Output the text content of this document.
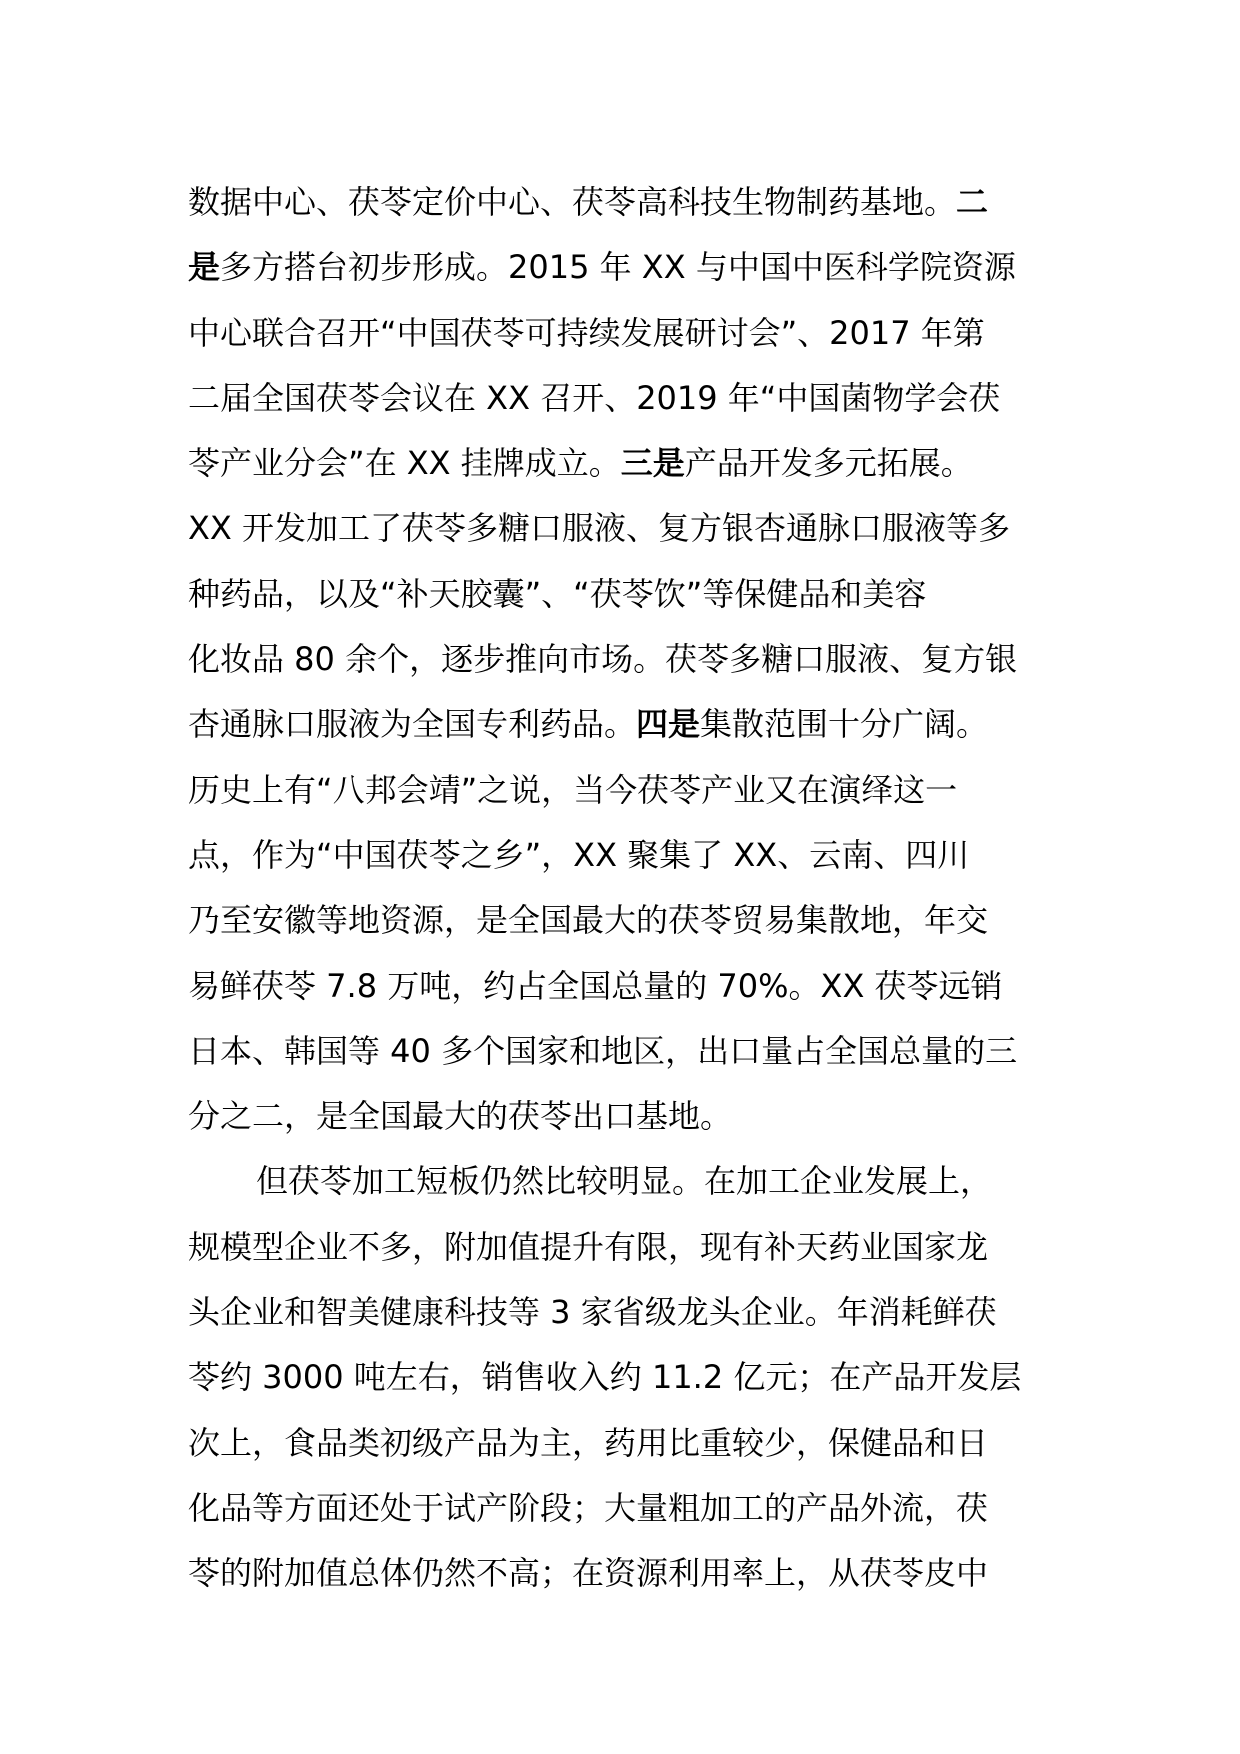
数据中心、茯苓定价中心、茯苓高科技生物制药基地。二
是多方搭台初步形成。2015 年 XX 与中国中医科学院资源
中心联合召开“中国茯苓可持续发展研讨会”、2017 年第
二届全国茯苓会议在 XX 召开、2019 年“中国菌物学会茯
苓产业分会”在 XX 挂牌成立。三是产品开发多元拓展。
XX 开发加工了茯苓多糖口服液、复方银杏通脉口服液等多
种药品，以及“补天胶囊”、“茯苓饮”等保健品和美容
化妆品 80 余个，逐步推向市场。茯苓多糖口服液、复方银
杏通脉口服液为全国专利药品。四是集散范围十分广阔。
历史上有“八邦会靖”之说，当今茯苓产业又在演绎这一
点，作为“中国茯苓之乡”，XX 聚集了 XX、云南、四川
乃至安徽等地资源，是全国最大的茯苓贸易集散地，年交
易鲜茯苓 7.8 万吨，约占全国总量的 70%。XX 茯苓远销
日本、韩国等 40 多个国家和地区，出口量占全国总量的三
分之二，是全国最大的茯苓出口基地。
但茯苓加工短板仍然比较明显。在加工企业发展上，
规模型企业不多，附加值提升有限，现有补天药业国家龙
头企业和智美健康科技等 3 家省级龙头企业。年消耗鲜茯
苓约 3000 吨左右，销售收入约 11.2 亿元；在产品开发层
次上，食品类初级产品为主，药用比重较少，保健品和日
化品等方面还处于试产阶段；大量粗加工的产品外流，茯
苓的附加值总体仍然不高；在资源利用率上，从茯苓皮中
